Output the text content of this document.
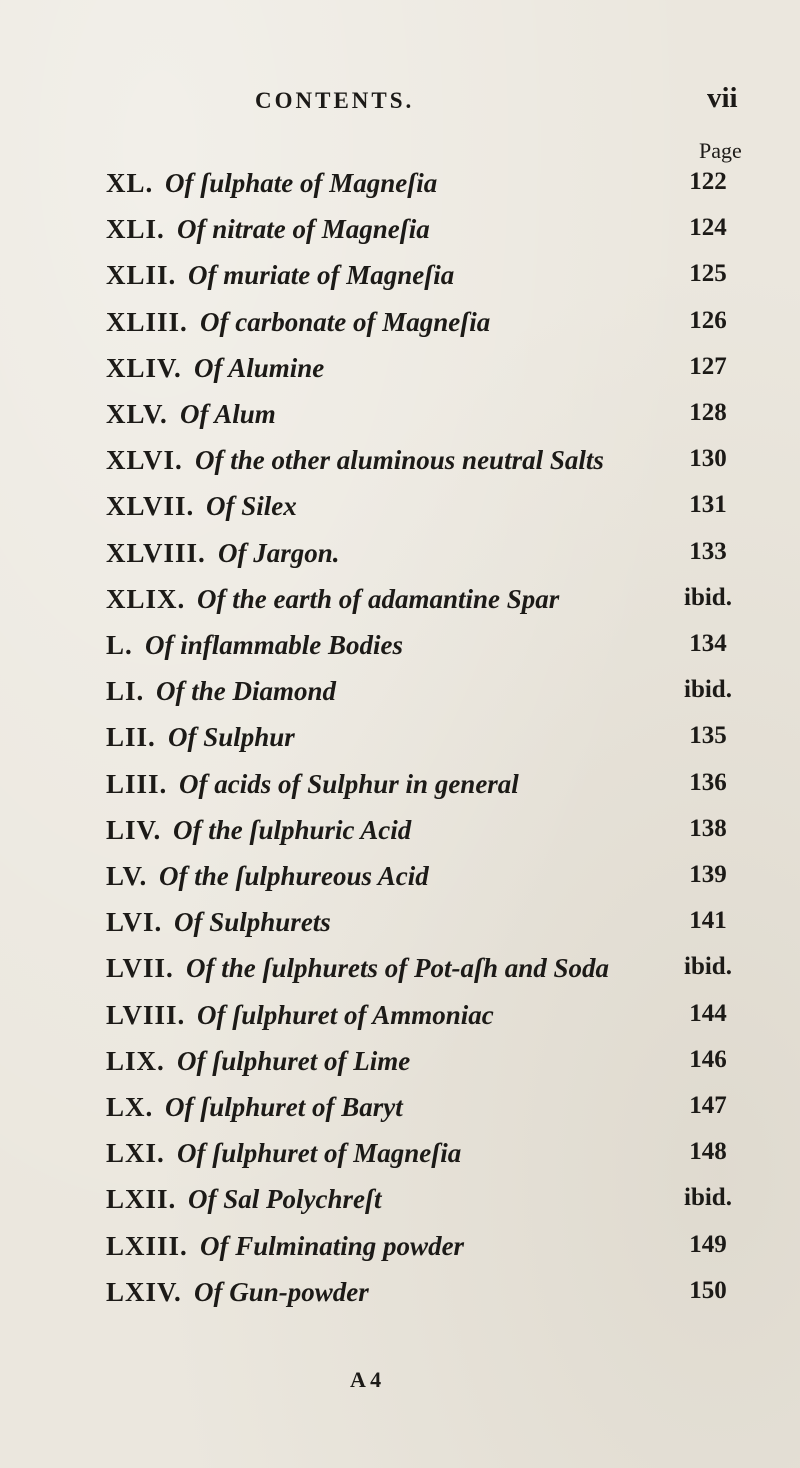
CONTENTS.	vii
Page
XL. Of ſulphate of Magneſia	122
XLI. Of nitrate of Magneſia	124
XLII. Of muriate of Magneſia	125
XLIII. Of carbonate of Magneſia	126
XLIV. Of Alumine	127
XLV. Of Alum	128
XLVI. Of the other aluminous neutral Salts	130
XLVII. Of Silex	131
XLVIII. Of Jargon.	133
XLIX. Of the earth of adamantine Spar	ibid.
L. Of inflammable Bodies	134
LI. Of the Diamond	ibid.
LII. Of Sulphur	135
LIII. Of acids of Sulphur in general	136
LIV. Of the ſulphuric Acid	138
LV. Of the ſulphureous Acid	139
LVI. Of Sulphurets	141
LVII. Of the ſulphurets of Pot-aſh and Soda	ibid.
LVIII. Of ſulphuret of Ammoniac	144
LIX. Of ſulphuret of Lime	146
LX. Of ſulphuret of Baryt	147
LXI. Of ſulphuret of Magneſia	148
LXII. Of Sal Polychreſt	ibid.
LXIII. Of Fulminating powder	149
LXIV. Of Gun-powder	150
A 4
